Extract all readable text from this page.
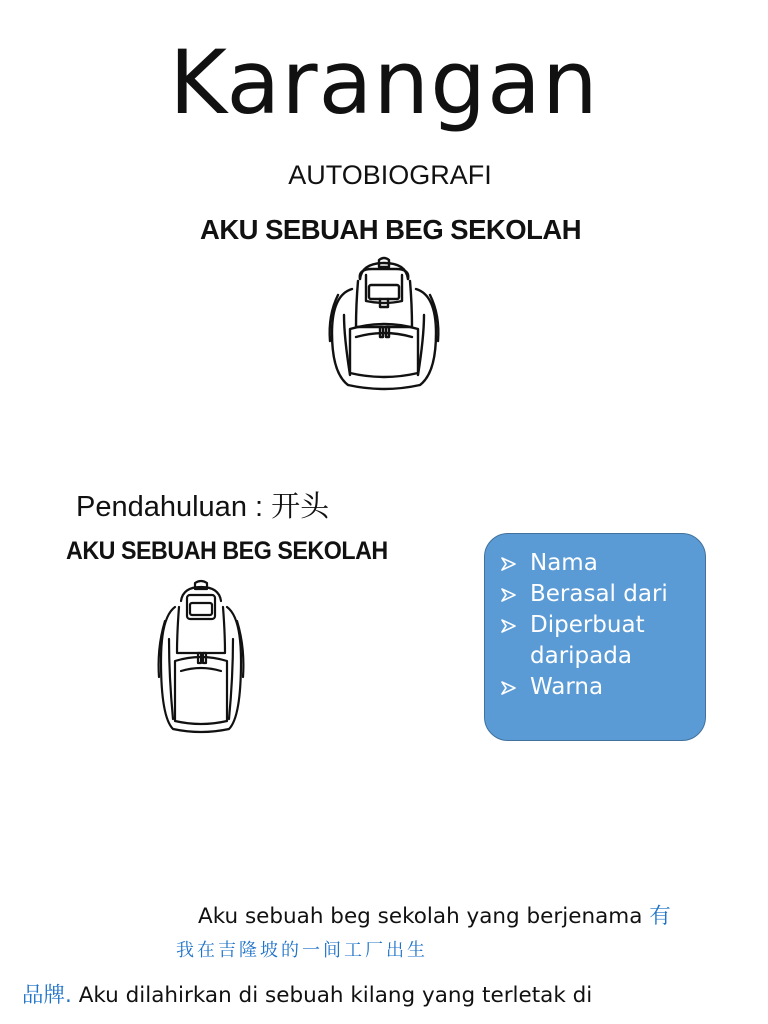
Karangan
AUTOBIOGRAFI
AKU SEBUAH BEG SEKOLAH
Pendahuluan : 开头
AKU SEBUAH BEG SEKOLAH	Nama
Berasal dari
Diperbuat daripada
Warna
Aku sebuah beg sekolah yang berjenama 有
我在吉隆坡的一间工厂出生
品牌. Aku dilahirkan di sebuah kilang yang terletak di
